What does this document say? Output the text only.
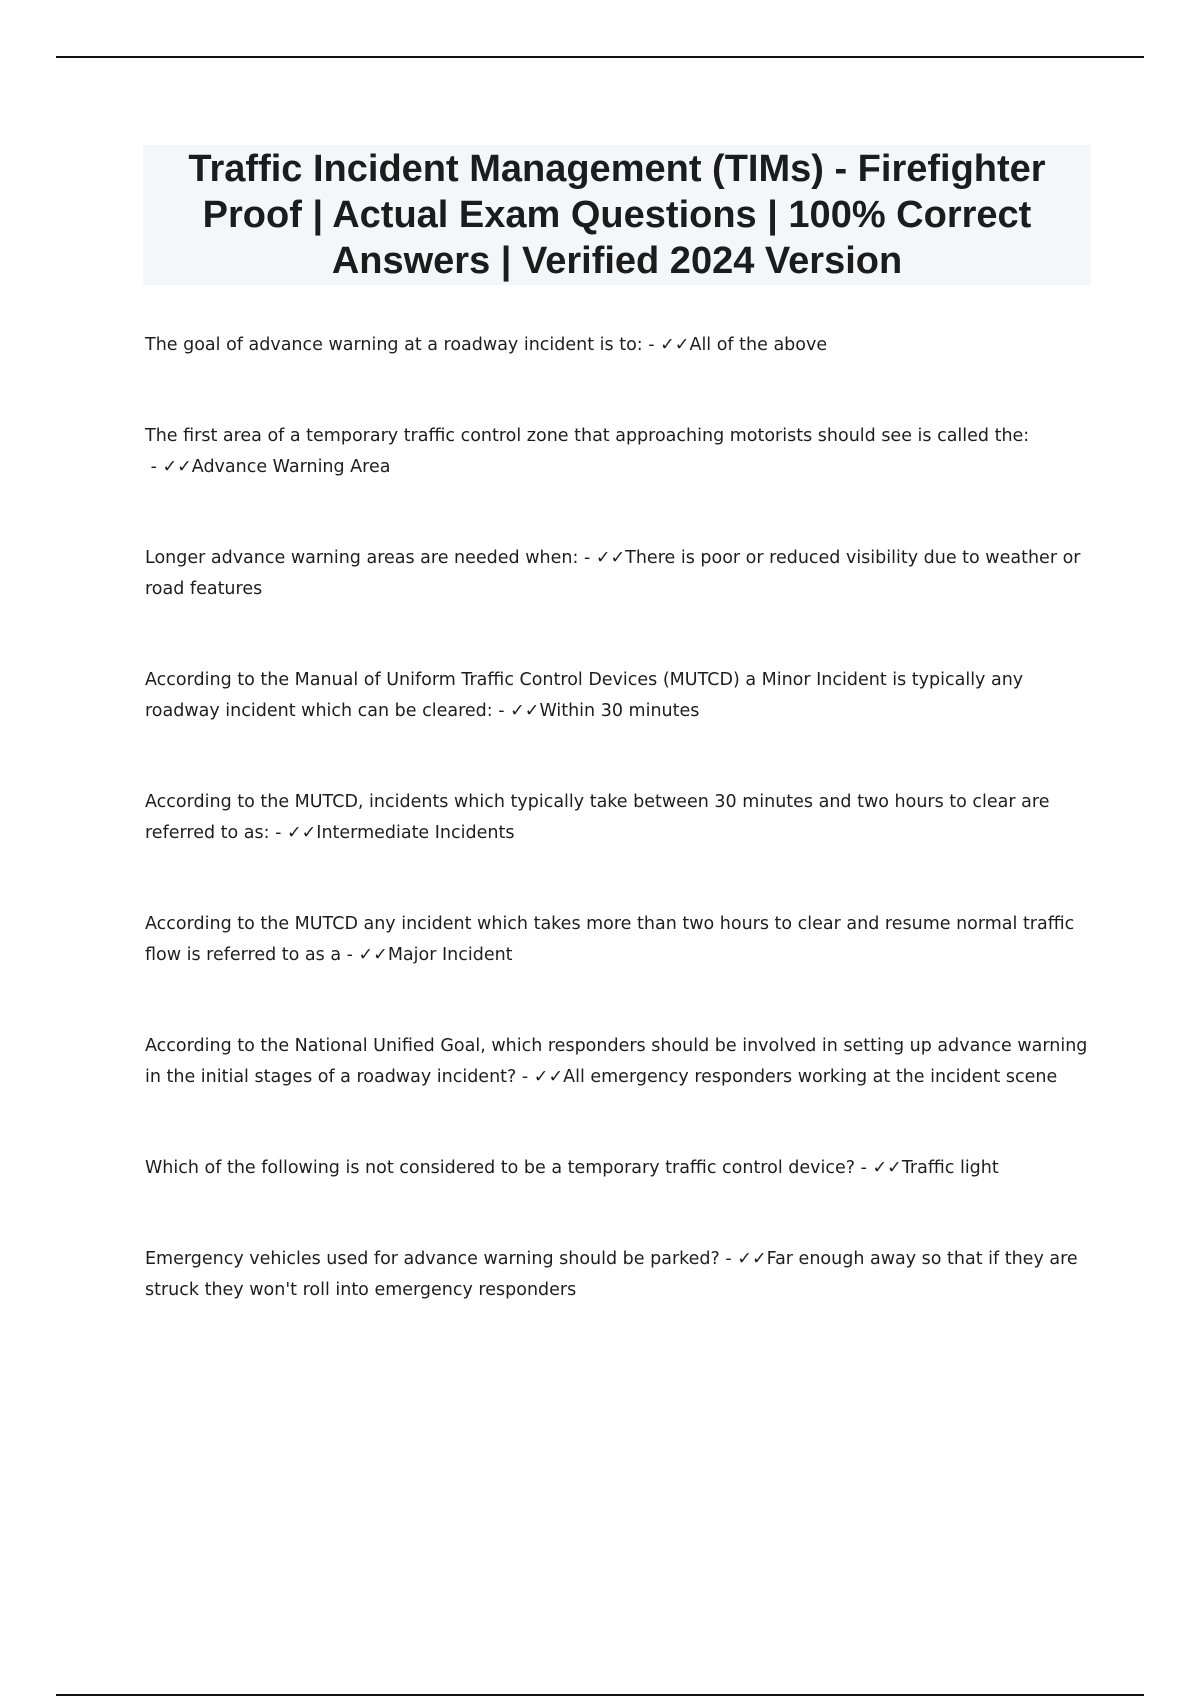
Traffic Incident Management (TIMs) - Firefighter Proof | Actual Exam Questions | 100% Correct Answers | Verified 2024 Version

The goal of advance warning at a roadway incident is to: - ✓✓All of the above

The first area of a temporary traffic control zone that approaching motorists should see is called the: - ✓✓Advance Warning Area

Longer advance warning areas are needed when: - ✓✓There is poor or reduced visibility due to weather or road features

According to the Manual of Uniform Traffic Control Devices (MUTCD) a Minor Incident is typically any roadway incident which can be cleared: - ✓✓Within 30 minutes

According to the MUTCD, incidents which typically take between 30 minutes and two hours to clear are referred to as: - ✓✓Intermediate Incidents

According to the MUTCD any incident which takes more than two hours to clear and resume normal traffic flow is referred to as a - ✓✓Major Incident

According to the National Unified Goal, which responders should be involved in setting up advance warning in the initial stages of a roadway incident? - ✓✓All emergency responders working at the incident scene

Which of the following is not considered to be a temporary traffic control device? - ✓✓Traffic light

Emergency vehicles used for advance warning should be parked? - ✓✓Far enough away so that if they are struck they won't roll into emergency responders
